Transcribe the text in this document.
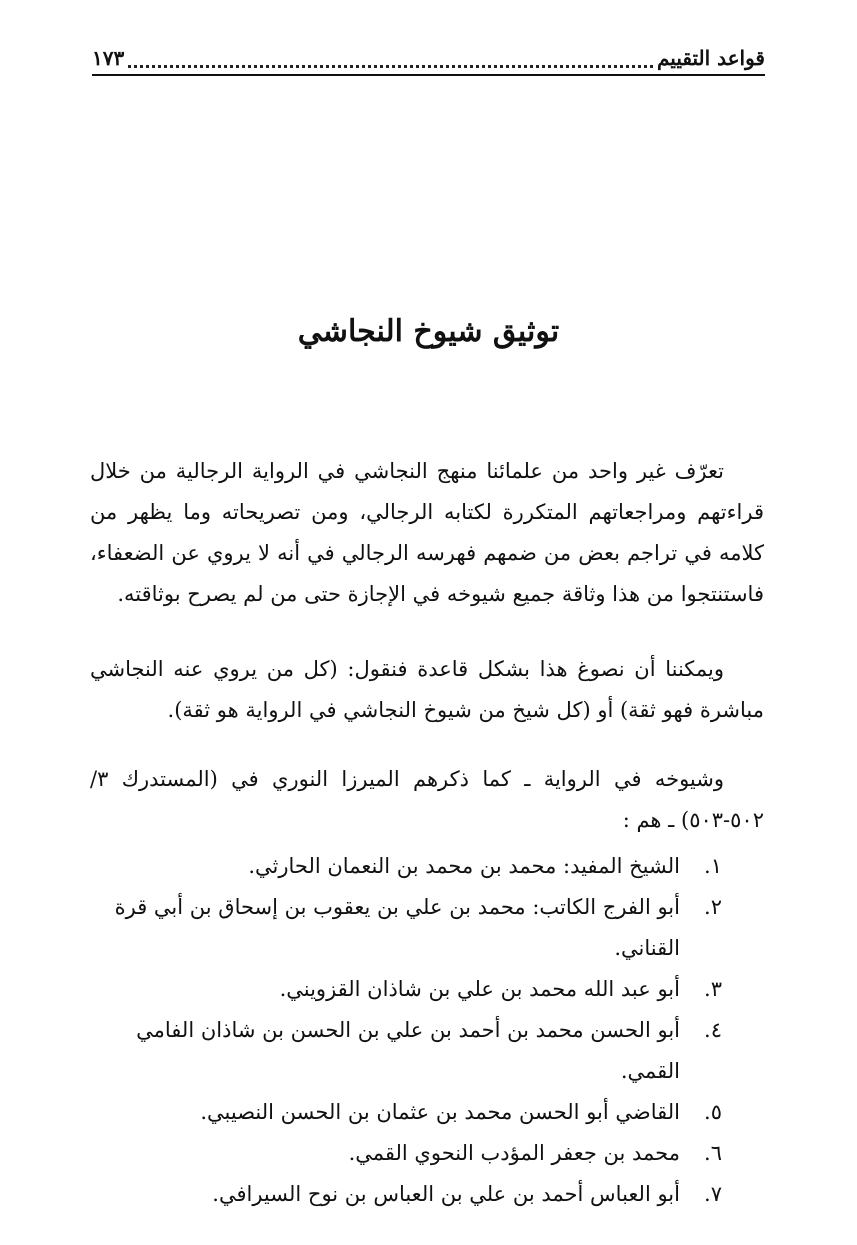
قواعد التقييم
١٧٣
توثيق شيوخ النجاشي

تعرّف غير واحد من علمائنا منهج النجاشي في الرواية الرجالية من خلال قراءتهم ومراجعاتهم المتكررة لكتابه الرجالي، ومن تصريحاته وما يظهر من كلامه في تراجم بعض من ضمهم فهرسه الرجالي في أنه لا يروي عن الضعفاء، فاستنتجوا من هذا وثاقة جميع شيوخه في الإجازة حتى من لم يصرح بوثاقته.

ويمكننا أن نصوغ هذا بشكل قاعدة فنقول: (كل من يروي عنه النجاشي مباشرة فهو ثقة) أو (كل شيخ من شيوخ النجاشي في الرواية هو ثقة).

وشيوخه في الرواية ـ كما ذكرهم الميرزا النوري في (المستدرك ٣/ ٥٠٢-٥٠٣) ـ هم :

١.
الشيخ المفيد: محمد بن محمد بن النعمان الحارثي.
٢.
أبو الفرج الكاتب: محمد بن علي بن يعقوب بن إسحاق بن أبي قرة القناني.
٣.
أبو عبد الله محمد بن علي بن شاذان القزويني.
٤.
أبو الحسن محمد بن أحمد بن علي بن الحسن بن شاذان الفامي القمي.
٥.
القاضي أبو الحسن محمد بن عثمان بن الحسن النصيبي.
٦.
محمد بن جعفر المؤدب النحوي القمي.
٧.
أبو العباس أحمد بن علي بن العباس بن نوح السيرافي.
